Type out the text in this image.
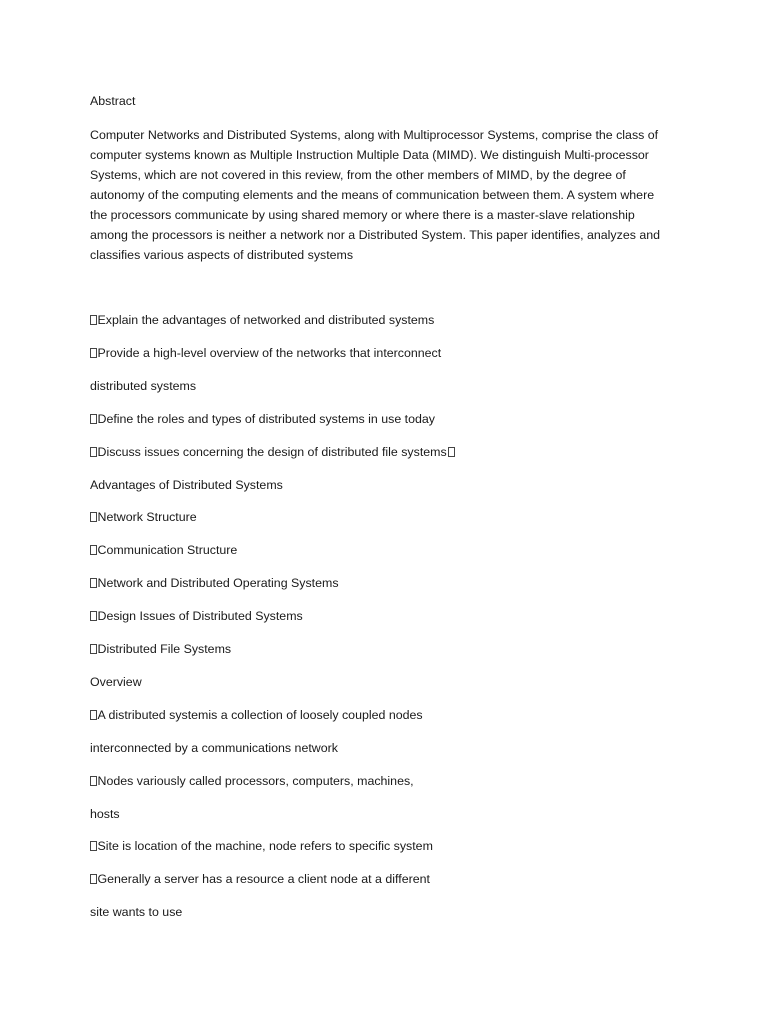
Abstract
Computer Networks and Distributed Systems, along with Multiprocessor Systems, comprise the class of
computer systems known as Multiple Instruction Multiple Data (MIMD). We distinguish Multi-processor
Systems, which are not covered in this review, from the other members of MIMD, by the degree of
autonomy of the computing elements and the means of communication between them. A system where
the processors communicate by using shared memory or where there is a master-slave relationship
among the processors is neither a network nor a Distributed System. This paper identifies, analyzes and
classifies various aspects of distributed systems
Explain the advantages of networked and distributed systems
Provide a high-level overview of the networks that interconnect
distributed systems
Define the roles and types of distributed systems in use today
Discuss issues concerning the design of distributed file systems
Advantages of Distributed Systems
Network Structure
Communication Structure
Network and Distributed Operating Systems
Design Issues of Distributed Systems
Distributed File Systems
Overview
A distributed systemis a collection of loosely coupled nodes
interconnected by a communications network
Nodes variously called processors, computers, machines,
hosts
Site is location of the machine, node refers to specific system
Generally a server has a resource a client node at a different
site wants to use
